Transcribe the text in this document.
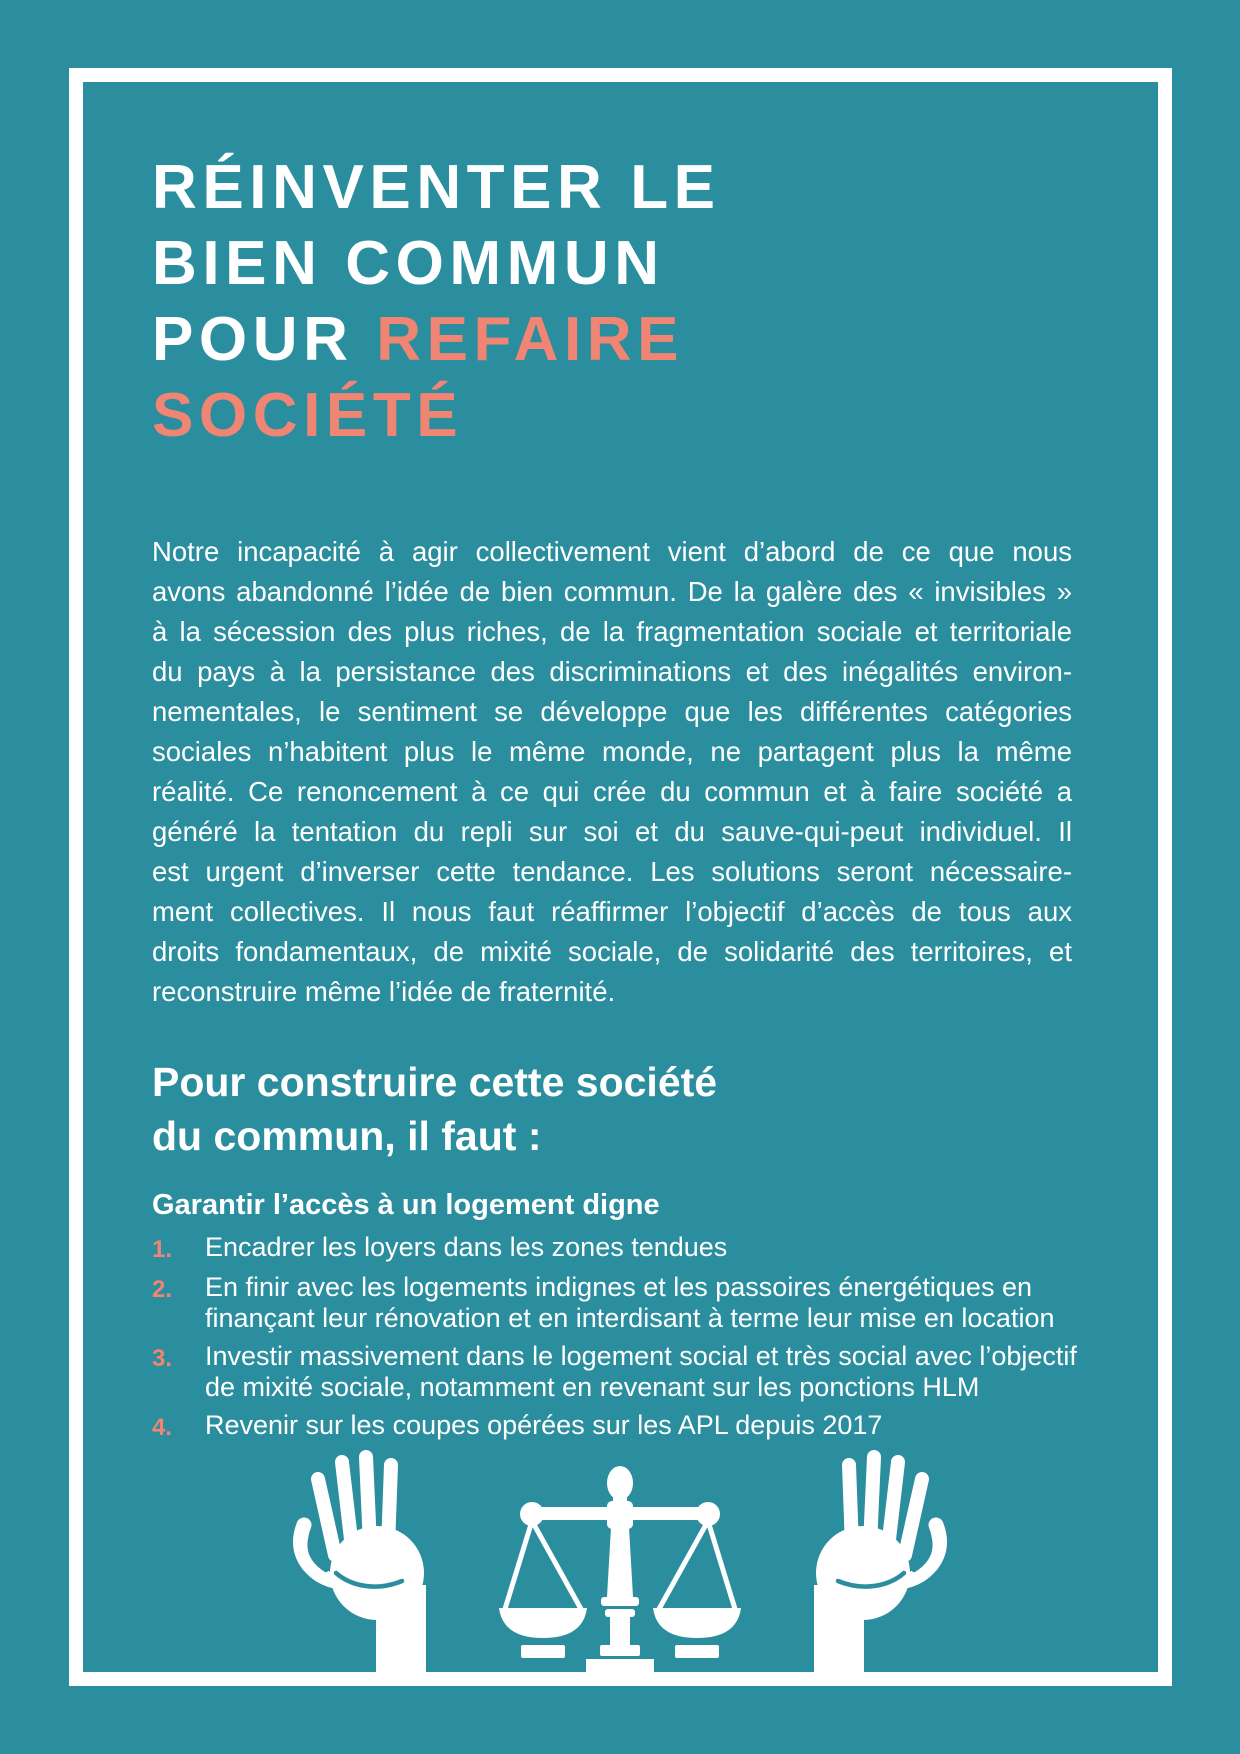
RÉINVENTER LE
BIEN COMMUN
POUR REFAIRE
SOCIÉTÉ
Notre incapacité à agir collectivement vient d’abord de ce que nous
avons abandonné l’idée de bien commun. De la galère des « invisibles »
à la sécession des plus riches, de la fragmentation sociale et territoriale
du pays à la persistance des discriminations et des inégalités environ-
nementales, le sentiment se développe que les différentes catégories
sociales n’habitent plus le même monde, ne partagent plus la même
réalité. Ce renoncement à ce qui crée du commun et à faire société a
généré la tentation du repli sur soi et du sauve-qui-peut individuel. Il
est urgent d’inverser cette tendance. Les solutions seront nécessaire-
ment collectives. Il nous faut réaffirmer l’objectif d’accès de tous aux
droits fondamentaux, de mixité sociale, de solidarité des territoires, et
reconstruire même l’idée de fraternité.
Pour construire cette société
du commun, il faut :
Garantir l’accès à un logement digne
1.	Encadrer les loyers dans les zones tendues
2.	En finir avec les logements indignes et les passoires énergétiques en finançant leur rénovation et en interdisant à terme leur mise en location
3.	Investir massivement dans le logement social et très social avec l’objectif de mixité sociale, notamment en revenant sur les ponctions HLM
4.	Revenir sur les coupes opérées sur les APL depuis 2017
